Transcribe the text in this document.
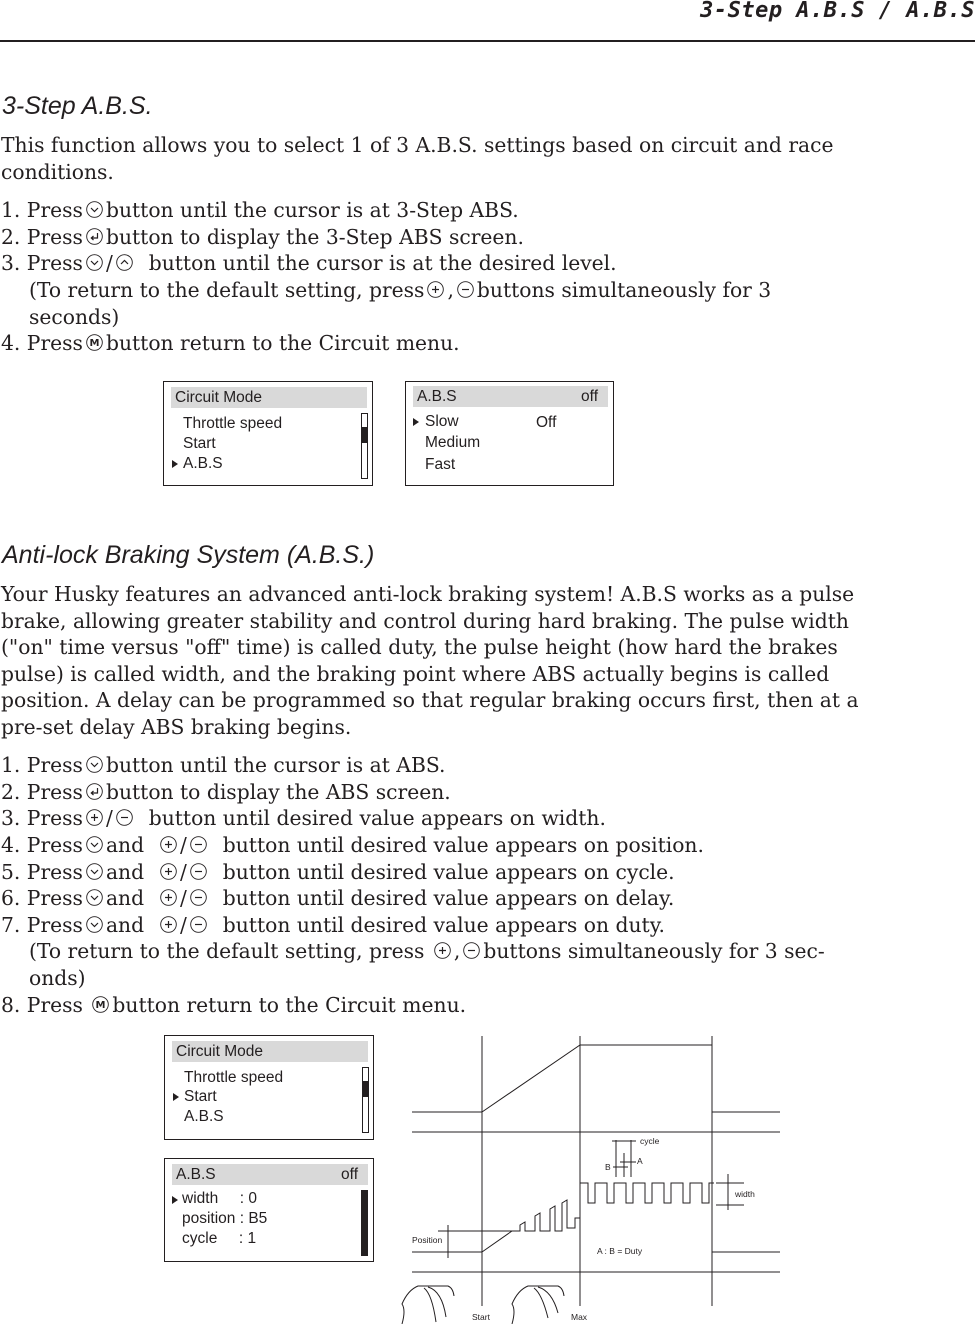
3-Step A.B.S / A.B.S
3-Step A.B.S.
This function allows you to select 1 of 3 A.B.S. settings based on circuit and race
conditions.
1. Press button until the cursor is at 3-Step ABS.
2. Press button to display the 3-Step ABS screen.
3. Press / button until the cursor is at the desired level.
(To return to the default setting, press , buttons simultaneously for 3
seconds)
4. Press M button return to the Circuit menu.
Circuit Mode
Throttle speed
Start
A.B.S
A.B.S	off
Slow	Off
Medium
Fast
Anti-lock Braking System (A.B.S.)
Your Husky features an advanced anti-lock braking system! A.B.S works as a pulse
brake, allowing greater stability and control during hard braking. The pulse width
("on" time versus "off" time) is called duty, the pulse height (how hard the brakes
pulse) is called width, and the braking point where ABS actually begins is called
position. A delay can be programmed so that regular braking occurs first, then at a
pre-set delay ABS braking begins.
1. Press button until the cursor is at ABS.
2. Press button to display the ABS screen.
3. Press / button until desired value appears on width.
4. Press and / button until desired value appears on position.
5. Press and / button until desired value appears on cycle.
6. Press and / button until desired value appears on delay.
7. Press and / button until desired value appears on duty.
(To return to the default setting, press , buttons simultaneously for 3 sec-
onds)
8. Press M button return to the Circuit menu.
Circuit Mode
Throttle speed
Start
A.B.S
A.B.S	off
width     : 0
position : B5
cycle     : 1
cycle
A
B
width
Position
A : B = Duty
Start	Max
